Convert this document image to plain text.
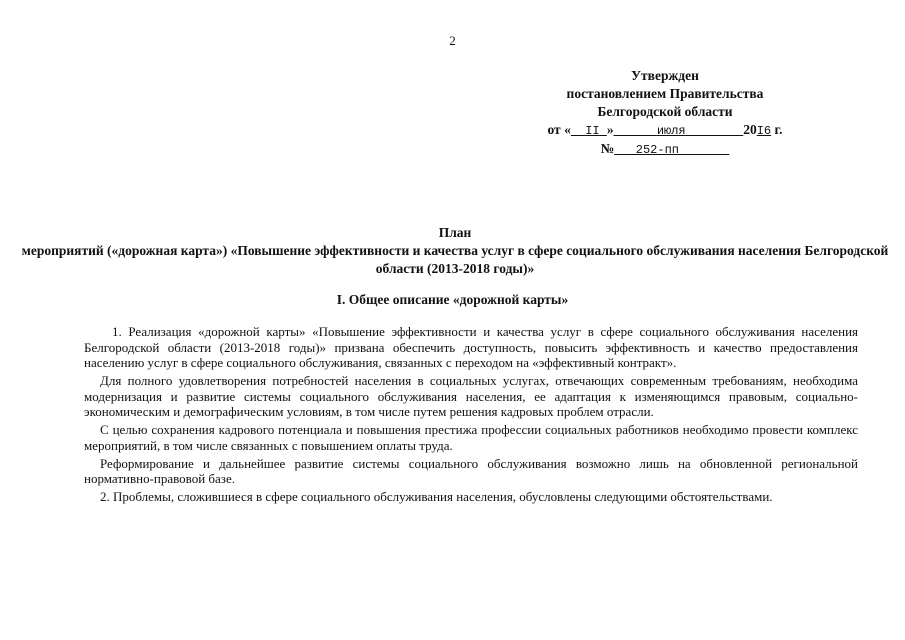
2
Утвержден
постановлением Правительства
Белгородской области
от « II »	июля	20I6 г.
№ 252-пп
План
мероприятий («дорожная карта») «Повышение эффективности и качества услуг в сфере социального обслуживания населения Белгородской области (2013-2018 годы)»
I. Общее описание «дорожной карты»

1. Реализация «дорожной карты» «Повышение эффективности и качества услуг в сфере социального обслуживания населения Белгородской области (2013-2018 годы)» призвана обеспечить доступность, повысить эффективность и качество предоставления населению услуг в сфере социального обслуживания, связанных с переходом на «эффективный контракт».

Для полного удовлетворения потребностей населения в социальных услугах, отвечающих современным требованиям, необходима модернизация и развитие системы социального обслуживания населения, ее адаптация к изменяющимся правовым, социально-экономическим и демографическим условиям, в том числе путем решения кадровых проблем отрасли.

С целью сохранения кадрового потенциала и повышения престижа профессии социальных работников необходимо провести комплекс мероприятий, в том числе связанных с повышением оплаты труда.

Реформирование и дальнейшее развитие системы социального обслуживания возможно лишь на обновленной региональной нормативно-правовой базе.

2. Проблемы, сложившиеся в сфере социального обслуживания населения, обусловлены следующими обстоятельствами.
